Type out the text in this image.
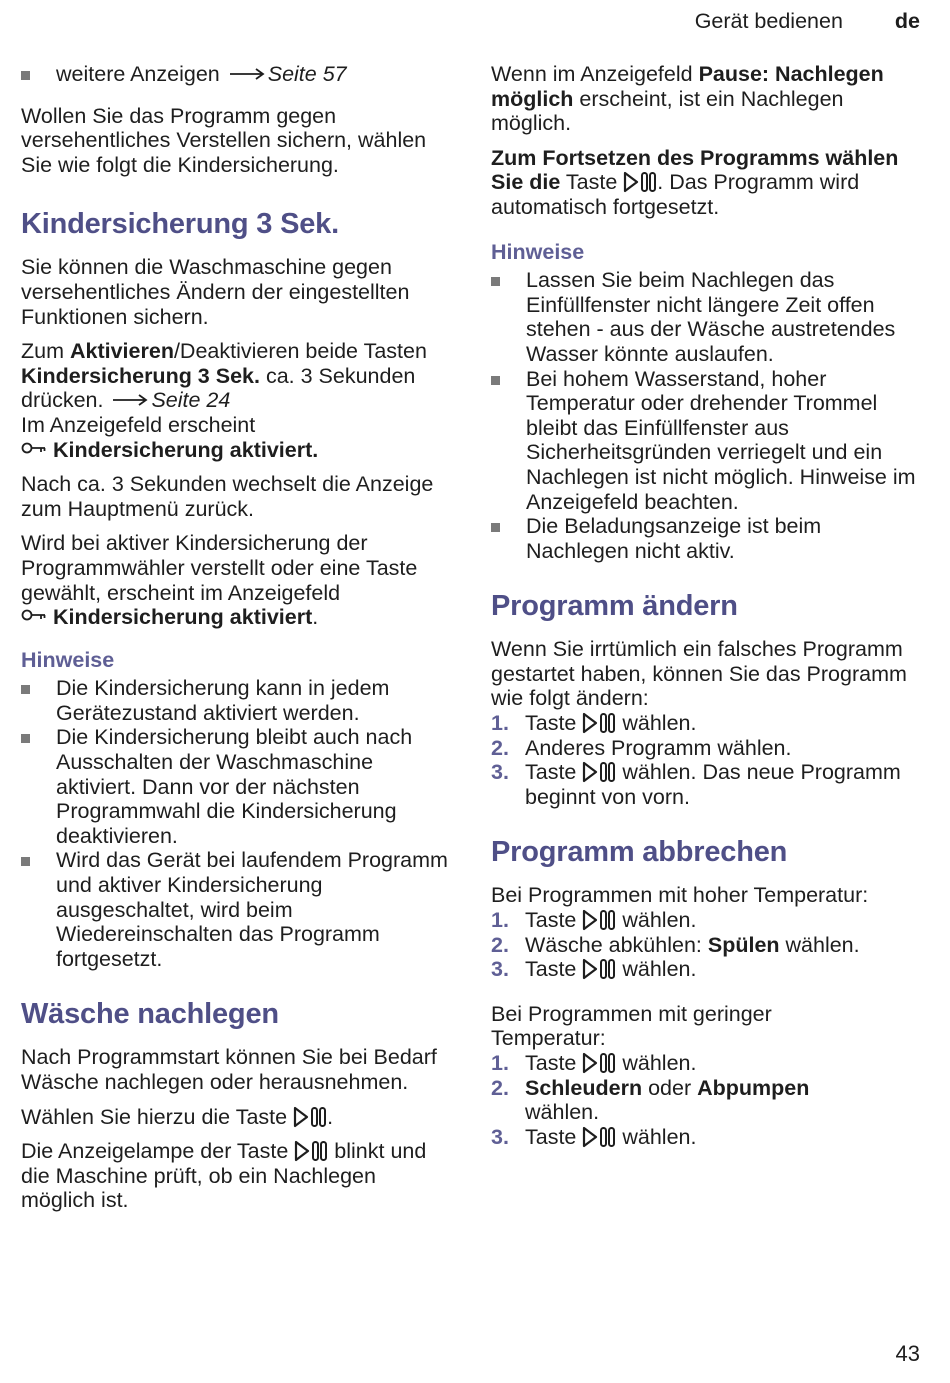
Gerät bedienen de
weitere Anzeigen Seite 57

Wollen Sie das Programm gegen versehentliches Verstellen sichern, wählen Sie wie folgt die Kindersicherung.

Kindersicherung 3 Sek.

Sie können die Waschmaschine gegen versehentliches Ändern der eingestellten Funktionen sichern.

Zum Aktivieren/Deaktivieren beide Tasten Kindersicherung 3 Sek. ca. 3 Sekunden drücken. Seite 24
Im Anzeigefeld erscheint
Kindersicherung aktiviert.

Nach ca. 3 Sekunden wechselt die Anzeige zum Hauptmenü zurück.

Wird bei aktiver Kindersicherung der Programmwähler verstellt oder eine Taste gewählt, erscheint im Anzeigefeld
Kindersicherung aktiviert.

Hinweise
Die Kindersicherung kann in jedem Gerätezustand aktiviert werden.
Die Kindersicherung bleibt auch nach Ausschalten der Waschmaschine aktiviert. Dann vor der nächsten Programmwahl die Kindersicherung deaktivieren.
Wird das Gerät bei laufendem Programm und aktiver Kindersicherung ausgeschaltet, wird beim Wiedereinschalten das Programm fortgesetzt.
Wäsche nachlegen

Nach Programmstart können Sie bei Bedarf Wäsche nachlegen oder herausnehmen.

Wählen Sie hierzu die Taste .

Die Anzeigelampe der Taste blinkt und die Maschine prüft, ob ein Nachlegen möglich ist.

Wenn im Anzeigefeld Pause: Nachlegen möglich erscheint, ist ein Nachlegen möglich.

Zum Fortsetzen des Programms wählen Sie die Taste . Das Programm wird automatisch fortgesetzt.

Hinweise
Lassen Sie beim Nachlegen das Einfüllfenster nicht längere Zeit offen stehen - aus der Wäsche austretendes Wasser könnte auslaufen.
Bei hohem Wasserstand, hoher Temperatur oder drehender Trommel bleibt das Einfüllfenster aus Sicherheitsgründen verriegelt und ein Nachlegen ist nicht möglich. Hinweise im Anzeigefeld beachten.
Die Beladungsanzeige ist beim Nachlegen nicht aktiv.
Programm ändern

Wenn Sie irrtümlich ein falsches Programm gestartet haben, können Sie das Programm wie folgt ändern:

1. Taste wählen.
2. Anderes Programm wählen.
3. Taste wählen. Das neue Programm beginnt von vorn.
Programm abbrechen

Bei Programmen mit hoher Temperatur:

1. Taste wählen.
2. Wäsche abkühlen: Spülen wählen.
3. Taste wählen.

Bei Programmen mit geringer Temperatur:

1. Taste wählen.
2. Schleudern oder Abpumpen wählen.
3. Taste wählen.
43
